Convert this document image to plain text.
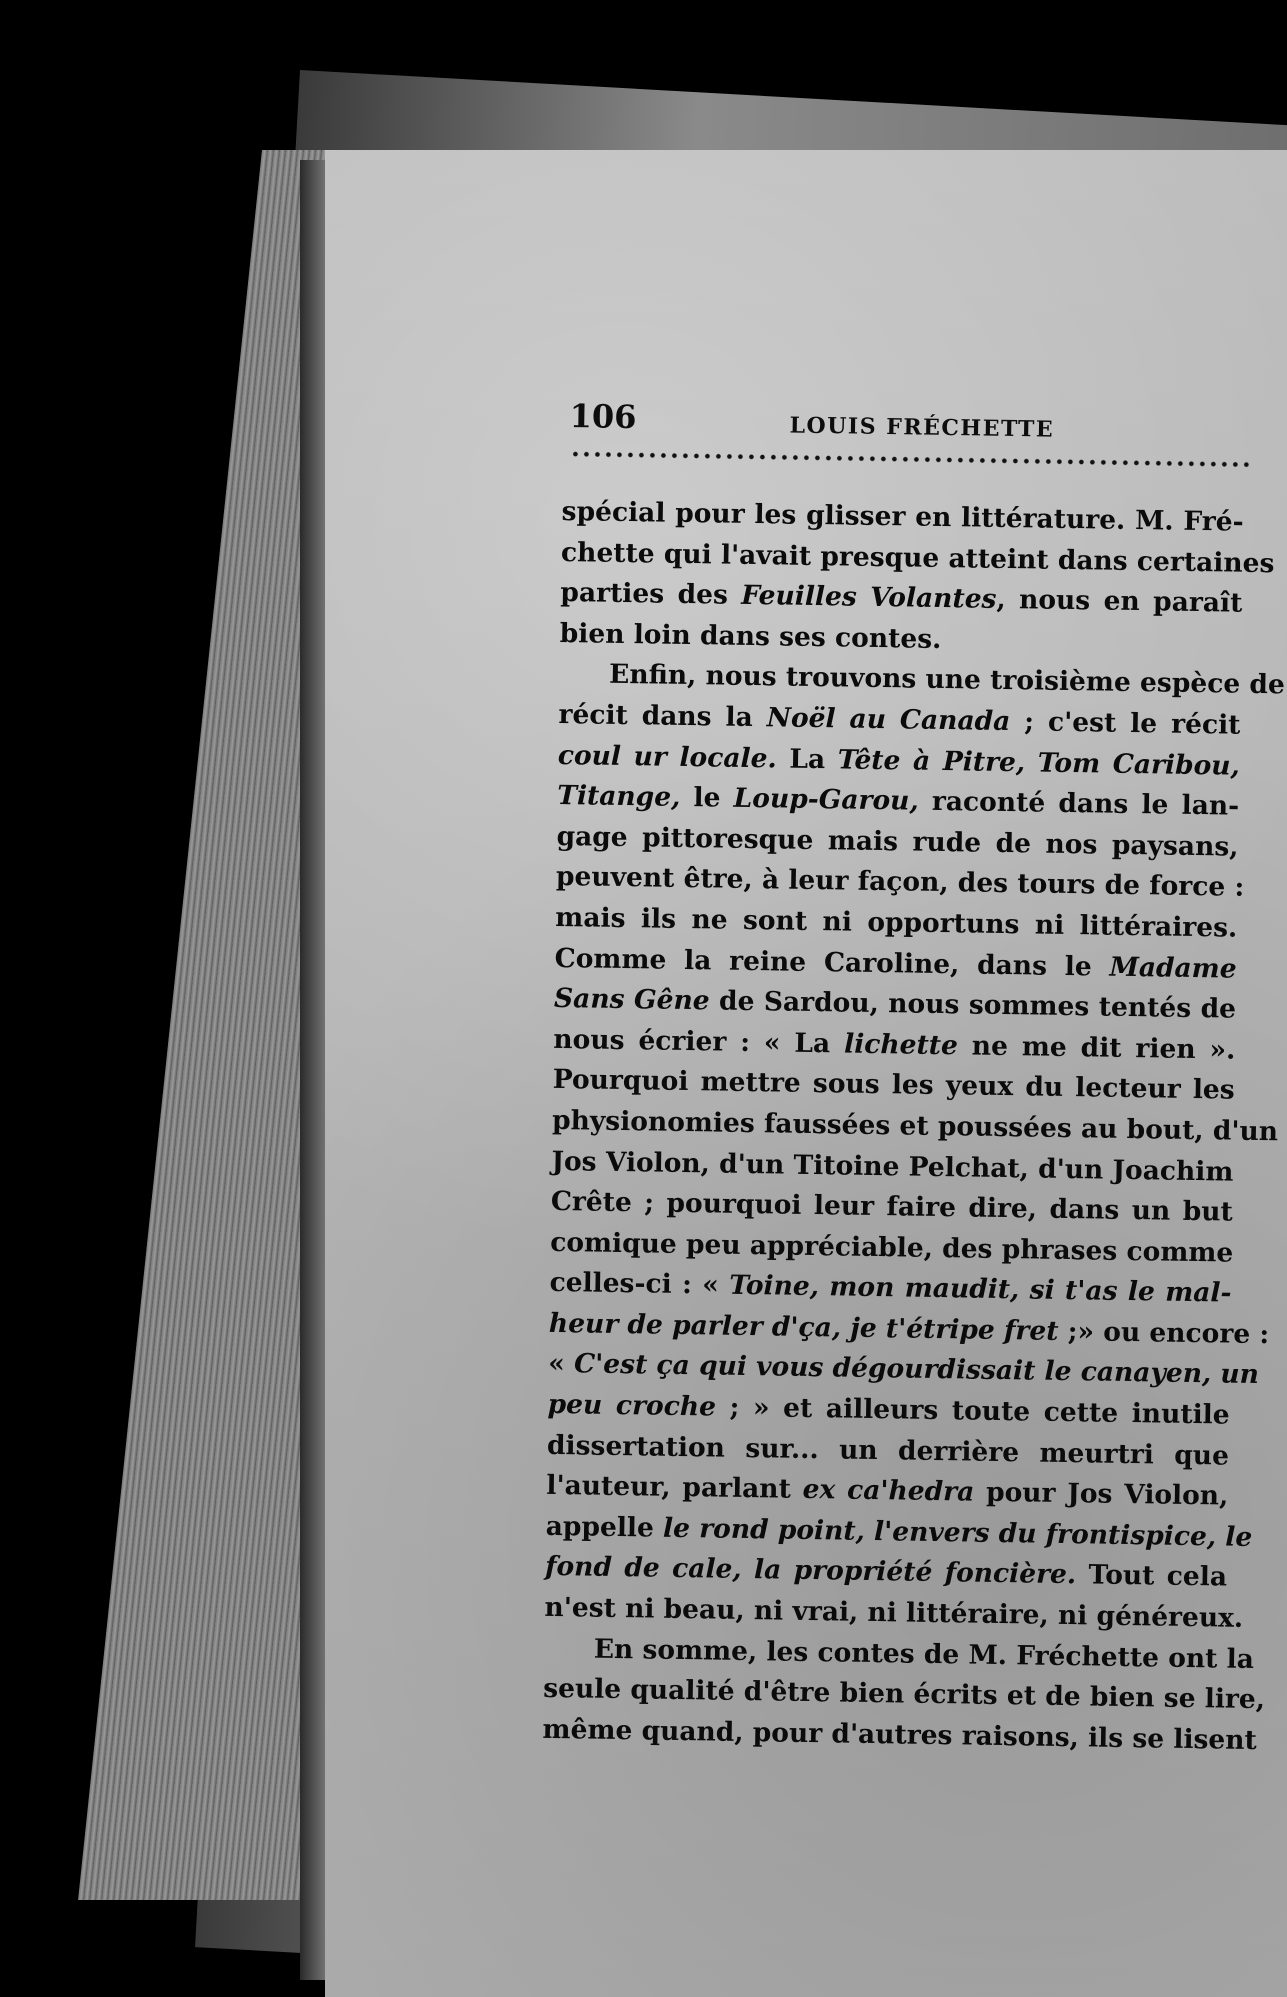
106	LOUIS FRÉCHETTE
spécial pour les glisser en littérature. M. Fré-
chette qui l'avait presque atteint dans certaines
parties des Feuilles Volantes, nous en paraît
bien loin dans ses contes.
Enfin, nous trouvons une troisième espèce de
récit dans la Noël au Canada ; c'est le récit
coul ur locale. La Tête à Pitre, Tom Caribou,
Titange, le Loup-Garou, raconté dans le lan-
gage pittoresque mais rude de nos paysans,
peuvent être, à leur façon, des tours de force :
mais ils ne sont ni opportuns ni littéraires.
Comme la reine Caroline, dans le Madame
Sans Gêne de Sardou, nous sommes tentés de
nous écrier : « La lichette ne me dit rien ».
Pourquoi mettre sous les yeux du lecteur les
physionomies faussées et poussées au bout, d'un
Jos Violon, d'un Titoine Pelchat, d'un Joachim
Crête ; pourquoi leur faire dire, dans un but
comique peu appréciable, des phrases comme
celles-ci : « Toine, mon maudit, si t'as le mal-
heur de parler d'ça, je t'étripe fret ;» ou encore :
« C'est ça qui vous dégourdissait le canayen, un
peu croche ; » et ailleurs toute cette inutile
dissertation sur... un derrière meurtri que
l'auteur, parlant ex ca'hedra pour Jos Violon,
appelle le rond point, l'envers du frontispice, le
fond de cale, la propriété foncière. Tout cela
n'est ni beau, ni vrai, ni littéraire, ni généreux.
En somme, les contes de M. Fréchette ont la
seule qualité d'être bien écrits et de bien se lire,
même quand, pour d'autres raisons, ils se lisent
